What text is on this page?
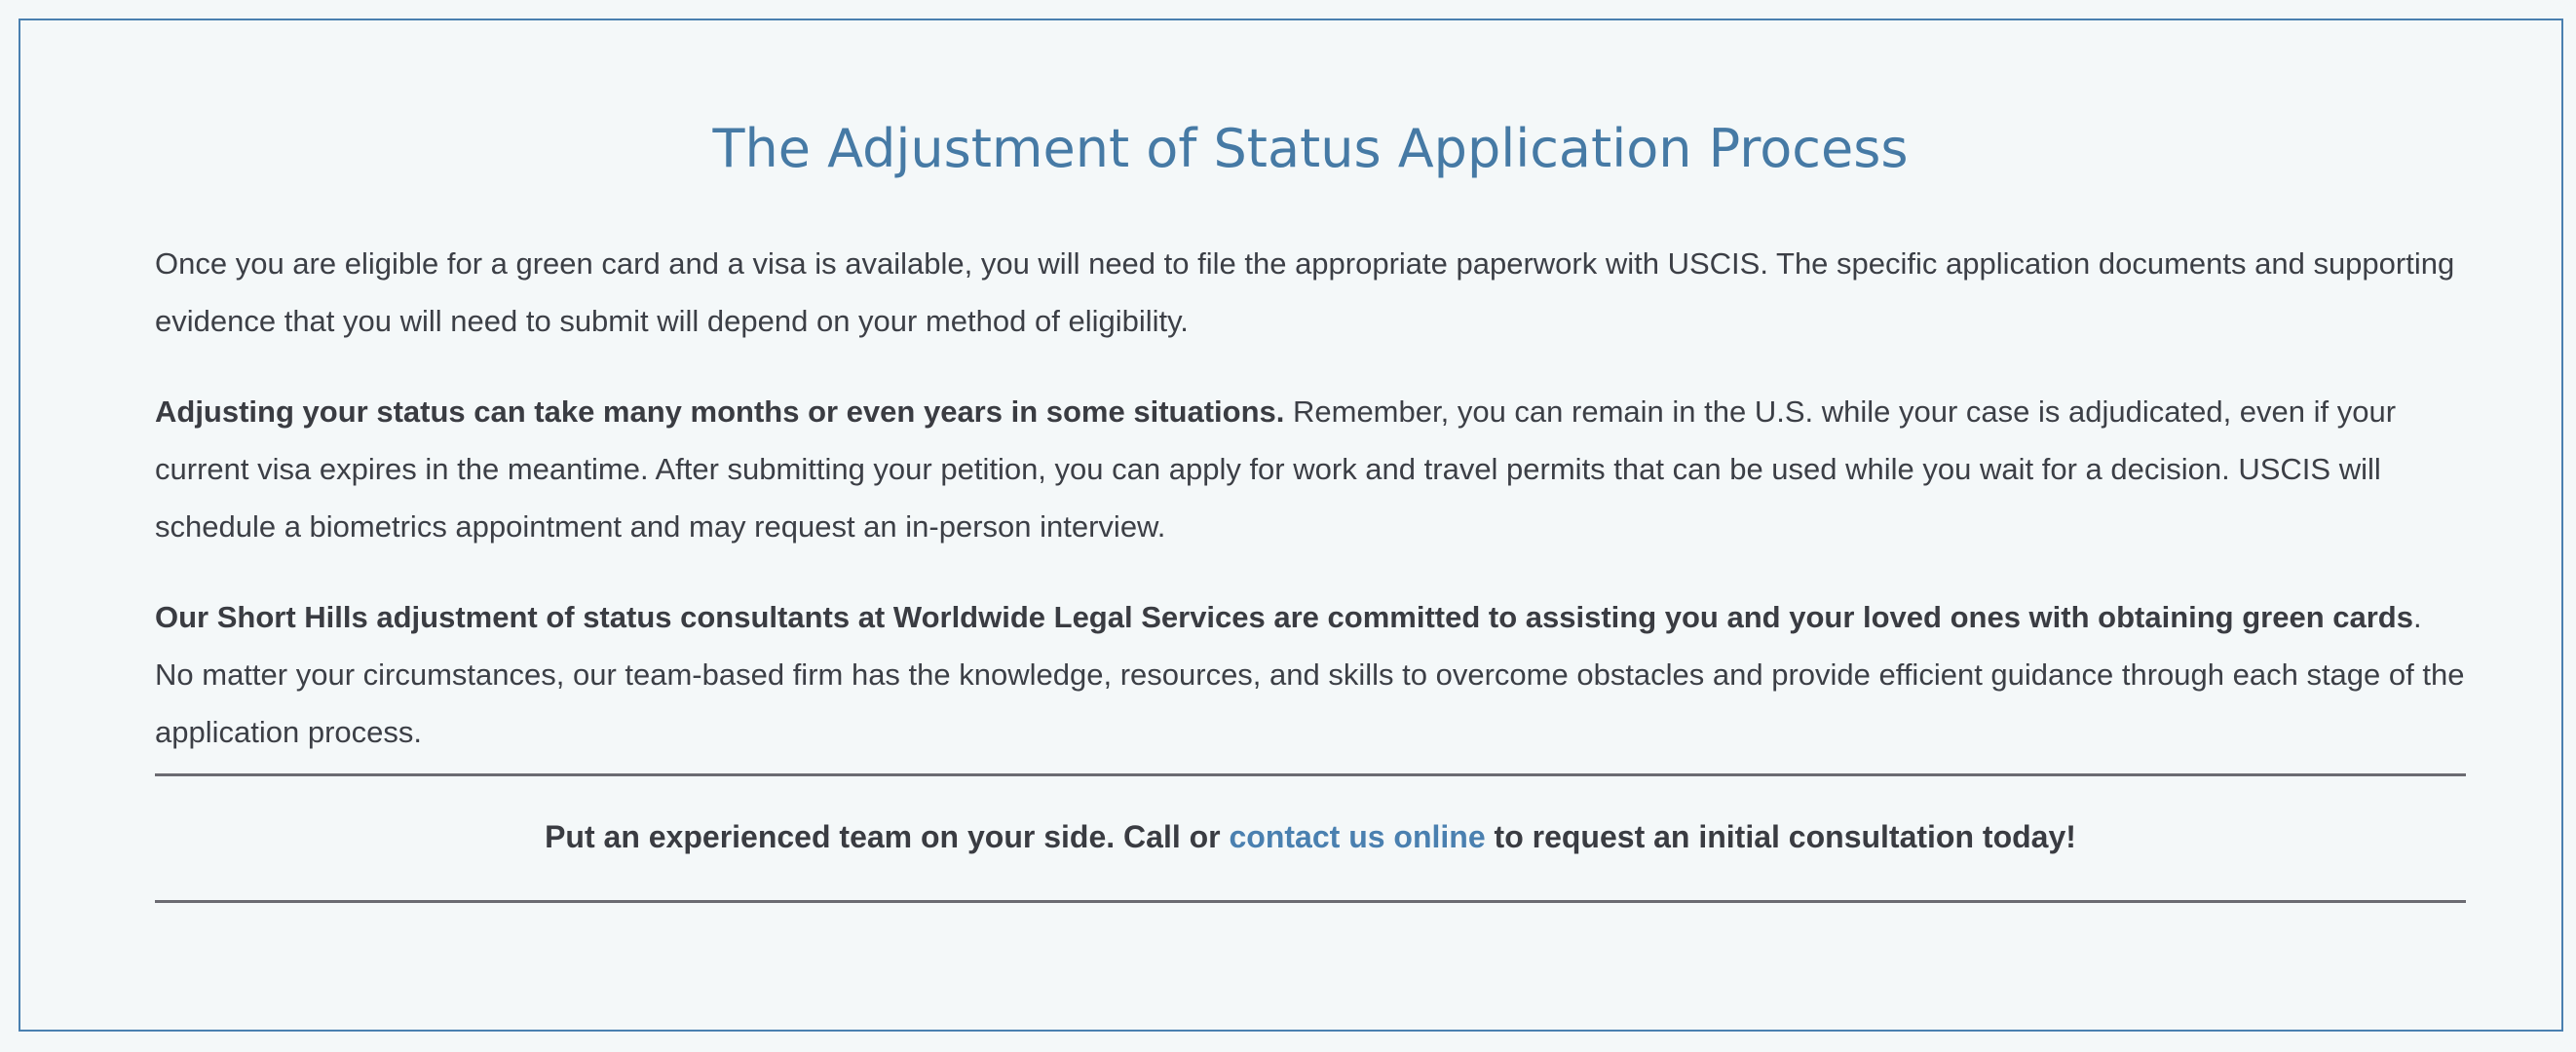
The Adjustment of Status Application Process

Once you are eligible for a green card and a visa is available, you will need to file the appropriate paperwork with USCIS. The specific application documents and supporting evidence that you will need to submit will depend on your method of eligibility.

Adjusting your status can take many months or even years in some situations. Remember, you can remain in the U.S. while your case is adjudicated, even if your current visa expires in the meantime. After submitting your petition, you can apply for work and travel permits that can be used while you wait for a decision. USCIS will schedule a biometrics appointment and may request an in-person interview.

Our Short Hills adjustment of status consultants at Worldwide Legal Services are committed to assisting you and your loved ones with obtaining green cards. No matter your circumstances, our team-based firm has the knowledge, resources, and skills to overcome obstacles and provide efficient guidance through each stage of the application process.

Put an experienced team on your side. Call or contact us online to request an initial consultation today!
